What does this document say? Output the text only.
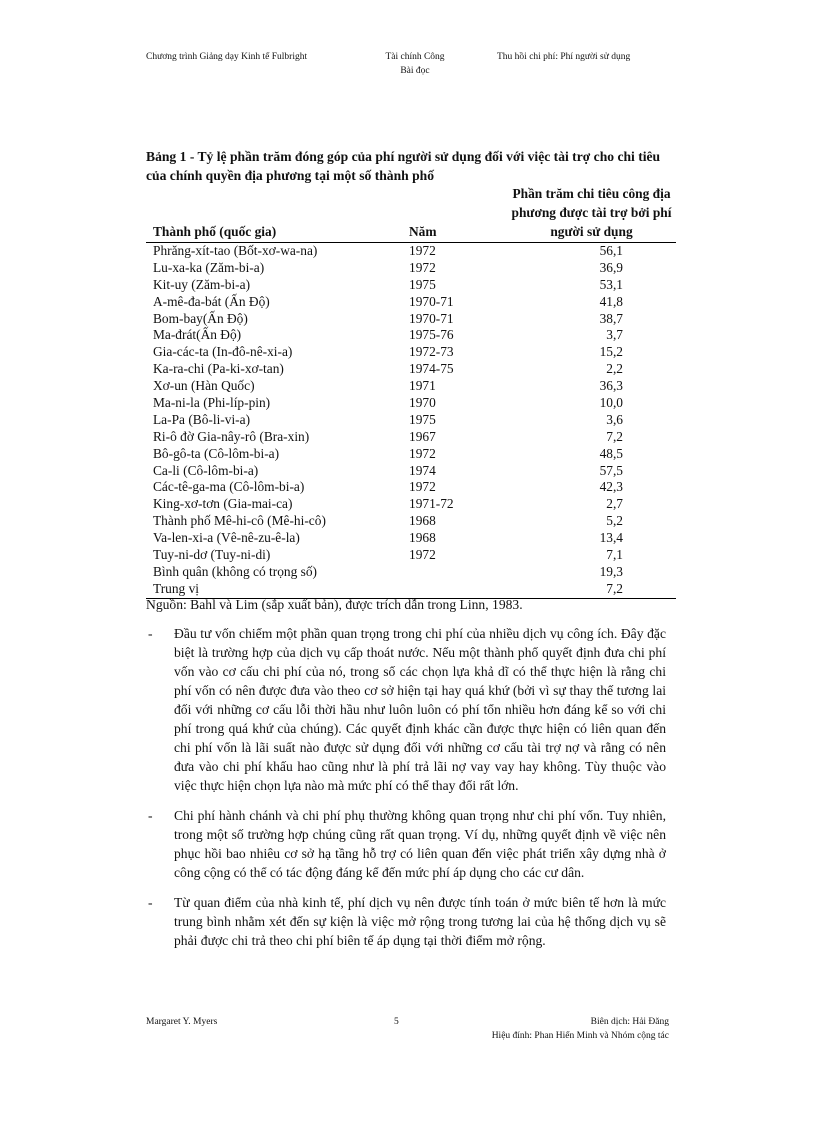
Chương trình Giảng dạy Kinh tế Fulbright	Tài chính Công
Bài đọc
Thu hồi chi phí: Phí người sử dụng
Bảng 1 - Tỷ lệ phần trăm đóng góp của phí người sử dụng đối với việc tài trợ cho chi tiêu của chính quyền địa phương tại một số thành phố
Thành phố (quốc gia)	Năm	Phần trăm chi tiêu công địa phương được tài trợ bởi phí người sử dụng
Phrăng-xít-tao (Bốt-xơ-wa-na)	1972	56,1
Lu-xa-ka (Zăm-bi-a)	1972	36,9
Kit-uy (Zăm-bi-a)	1975	53,1
A-mê-đa-bát (Ấn Độ)	1970-71	41,8
Bom-bay(Ấn Độ)	1970-71	38,7
Ma-đrát(Ấn Độ)	1975-76	3,7
Gia-các-ta (In-đô-nê-xi-a)	1972-73	15,2
Ka-ra-chi (Pa-ki-xơ-tan)	1974-75	2,2
Xơ-un (Hàn Quốc)	1971	36,3
Ma-ni-la (Phi-líp-pin)	1970	10,0
La-Pa (Bô-li-vi-a)	1975	3,6
Ri-ô đờ Gia-nây-rô (Bra-xin)	1967	7,2
Bô-gô-ta (Cô-lôm-bi-a)	1972	48,5
Ca-li (Cô-lôm-bi-a)	1974	57,5
Các-tê-ga-ma (Cô-lôm-bi-a)	1972	42,3
King-xơ-tơn (Gia-mai-ca)	1971-72	2,7
Thành phố Mê-hi-cô (Mê-hi-cô)	1968	5,2
Va-len-xi-a (Vê-nê-zu-ê-la)	1968	13,4
Tuy-ni-dơ (Tuy-ni-di)	1972	7,1
Bình quân (không có trọng số)		19,3
Trung vị		7,2
Nguồn: Bahl và Lim (sắp xuất bản), được trích dẫn trong Linn, 1983.
- Đầu tư vốn chiếm một phần quan trọng trong chi phí của nhiều dịch vụ công ích. Đây đặc biệt là trường hợp của dịch vụ cấp thoát nước. Nếu một thành phố quyết định đưa chi phí vốn vào cơ cấu chi phí của nó, trong số các chọn lựa khả dĩ có thể thực hiện là rằng chi phí vốn có nên được đưa vào theo cơ sở hiện tại hay quá khứ (bởi vì sự thay thế tương lai đối với những cơ cấu lỗi thời hầu như luôn luôn có phí tổn nhiều hơn đáng kể so với chi phí trong quá khứ của chúng). Các quyết định khác cần được thực hiện có liên quan đến chi phí vốn là lãi suất nào được sử dụng đối với những cơ cấu tài trợ nợ và rằng có nên đưa vào chi phí khấu hao cũng như là phí trả lãi nợ vay vay hay không. Tùy thuộc vào việc thực hiện chọn lựa nào mà mức phí có thể thay đổi rất lớn.
- Chi phí hành chánh và chi phí phụ thường không quan trọng như chi phí vốn. Tuy nhiên, trong một số trường hợp chúng cũng rất quan trọng. Ví dụ, những quyết định về việc nên phục hồi bao nhiêu cơ sở hạ tầng hỗ trợ có liên quan đến việc phát triển xây dựng nhà ở công cộng có thể có tác động đáng kể đến mức phí áp dụng cho các cư dân.
- Từ quan điểm của nhà kinh tế, phí dịch vụ nên được tính toán ở mức biên tế hơn là mức trung bình nhằm xét đến sự kiện là việc mở rộng trong tương lai của hệ thống dịch vụ sẽ phải được chi trả theo chi phí biên tế áp dụng tại thời điểm mở rộng.
Margaret Y. Myers	5	Biên dịch: Hải Đăng
Hiệu đính: Phan Hiển Minh và Nhóm cộng tác
